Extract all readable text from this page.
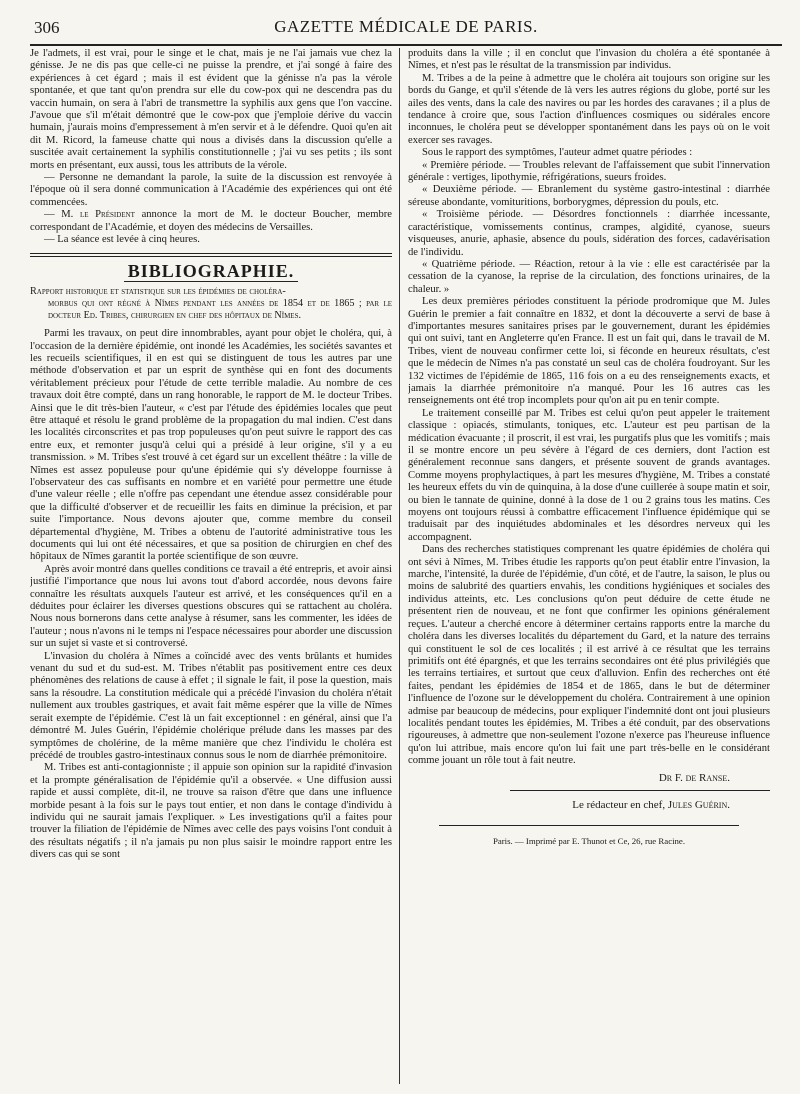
306	GAZETTE MÉDICALE DE PARIS.

Je l'admets, il est vrai, pour le singe et le chat, mais je ne l'ai jamais vue chez la génisse. Je ne dis pas que celle-ci ne puisse la prendre, et j'ai songé à faire des expériences à cet égard ; mais il est évident que la génisse n'a pas la vérole spontanée, et que tant qu'on prendra sur elle du cow-pox qui ne descendra pas du vaccin humain, on sera à l'abri de transmettre la syphilis aux gens que l'on vaccine. J'avoue que s'il m'était démontré que le cow-pox que j'emploie dérive du vaccin humain, j'aurais moins d'empressement à m'en servir et à le défendre. Quoi qu'en ait dit M. Ricord, la fameuse chatte qui nous a divisés dans la discussion qu'elle a suscitée avait certainement la syphilis constitutionnelle ; j'ai vu ses petits ; ils sont morts en présentant, eux aussi, tous les attributs de la vérole.

— Personne ne demandant la parole, la suite de la discussion est renvoyée à l'époque où il sera donné communication à l'Académie des expériences qui ont été commencées.

— M. le Président annonce la mort de M. le docteur Boucher, membre correspondant de l'Académie, et doyen des médecins de Versailles.

— La séance est levée à cinq heures.

BIBLIOGRAPHIE.

Rapport historique et statistique sur les épidémies de choléra-
morbus qui ont régné à Nîmes pendant les années de 1854 et de 1865 ; par le docteur Ed. Tribes, chirurgien en chef des hôpitaux de Nîmes.

Parmi les travaux, on peut dire innombrables, ayant pour objet le choléra, qui, à l'occasion de la dernière épidémie, ont inondé les Académies, les sociétés savantes et les recueils scientifiques, il en est qui se distinguent de tous les autres par une méthode d'observation et par un esprit de synthèse qui en font des documents véritablement précieux pour l'étude de cette terrible maladie. Au nombre de ces travaux doit être compté, dans un rang honorable, le rapport de M. le docteur Tribes. Ainsi que le dit très-bien l'auteur, « c'est par l'étude des épidémies locales que peut être attaqué et résolu le grand problème de la propagation du mal indien. C'est dans les localités circonscrites et pas trop populeuses qu'on peut suivre le rapport des cas entre eux, et remonter jusqu'à celui qui a présidé à leur origine, s'il y a eu transmission. » M. Tribes s'est trouvé à cet égard sur un excellent théâtre : la ville de Nîmes est assez populeuse pour qu'une épidémie qui s'y développe fournisse à l'observateur des cas suffisants en nombre et en variété pour permettre une étude d'une valeur réelle ; elle n'offre pas cependant une étendue assez considérable pour que la difficulté d'observer et de recueillir les faits en diminue la précision, et par suite l'importance. Nous devons ajouter que, comme membre du conseil départemental d'hygiène, M. Tribes a obtenu de l'autorité administrative tous les documents qui lui ont été nécessaires, et que sa position de chirurgien en chef des hôpitaux de Nîmes garantit la portée scientifique de son œuvre.

Après avoir montré dans quelles conditions ce travail a été entrepris, et avoir ainsi justifié l'importance que nous lui avons tout d'abord accordée, nous devons faire connaître les résultats auxquels l'auteur est arrivé, et les conséquences qu'il en a déduites pour éclairer les diverses questions obscures qui se rattachent au choléra. Nous nous bornerons dans cette analyse à résumer, sans les commenter, les idées de l'auteur ; nous n'avons ni le temps ni l'espace nécessaires pour aborder une discussion sur un sujet si vaste et si controversé.

L'invasion du choléra à Nîmes a coïncidé avec des vents brûlants et humides venant du sud et du sud-est. M. Tribes n'établit pas positivement entre ces deux phénomènes des relations de cause à effet ; il signale le fait, il pose la question, mais sans la résoudre. La constitution médicale qui a précédé l'invasion du choléra n'était nullement aux troubles gastriques, et avait fait même espérer que la ville de Nîmes serait exempte de l'épidémie. C'est là un fait exceptionnel : en général, ainsi que l'a démontré M. Jules Guérin, l'épidémie cholérique prélude dans les masses par des symptômes de cholérine, de la même manière que chez l'individu le choléra est précédé de troubles gastro-intestinaux connus sous le nom de diarrhée prémonitoire.

M. Tribes est anti-contagionniste ; il appuie son opinion sur la rapidité d'invasion et la prompte généralisation de l'épidémie qu'il a observée. « Une diffusion aussi rapide et aussi complète, dit-il, ne trouve sa raison d'être que dans une influence morbide pesant à la fois sur le pays tout entier, et non dans le contage d'individu à individu qui ne saurait jamais l'expliquer. » Les investigations qu'il a faites pour trouver la filiation de l'épidémie de Nîmes avec celle des pays voisins l'ont conduit à des résultats négatifs ; il n'a jamais pu non plus saisir le moindre rapport entre les divers cas qui se sont

produits dans la ville ; il en conclut que l'invasion du choléra a été spontanée à Nîmes, et n'est pas le résultat de la transmission par individus.

M. Tribes a de la peine à admettre que le choléra ait toujours son origine sur les bords du Gange, et qu'il s'étende de là vers les autres régions du globe, porté sur les ailes des vents, dans la cale des navires ou par les hordes des caravanes ; il a plus de tendance à croire que, sous l'action d'influences cosmiques ou sidérales encore inconnues, le choléra peut se développer spontanément dans les pays où on le voit exercer ses ravages.

Sous le rapport des symptômes, l'auteur admet quatre périodes :

« Première période. — Troubles relevant de l'affaissement que subit l'innervation générale : vertiges, lipothymie, réfrigérations, sueurs froides.

« Deuxième période. — Ebranlement du système gastro-intestinal : diarrhée séreuse abondante, vomituritions, borborygmes, dépression du pouls, etc.

« Troisième période. — Désordres fonctionnels : diarrhée incessante, caractéristique, vomissements continus, crampes, algidité, cyanose, sueurs visqueuses, anurie, aphasie, absence du pouls, sidération des forces, cadavérisation de l'individu.

« Quatrième période. — Réaction, retour à la vie : elle est caractérisée par la cessation de la cyanose, la reprise de la circulation, des fonctions urinaires, de la chaleur. »

Les deux premières périodes constituent la période prodromique que M. Jules Guérin le premier a fait connaître en 1832, et dont la découverte a servi de base à d'importantes mesures sanitaires prises par le gouvernement, durant les épidémies qui ont suivi, tant en Angleterre qu'en France. Il est un fait qui, dans le travail de M. Tribes, vient de nouveau confirmer cette loi, si féconde en heureux résultats, c'est que le médecin de Nîmes n'a pas constaté un seul cas de choléra foudroyant. Sur les 132 victimes de l'épidémie de 1865, 116 fois on a eu des renseignements exacts, et jamais la diarrhée prémonitoire n'a manqué. Pour les 16 autres cas les renseignements ont été trop incomplets pour qu'on ait pu en tenir compte.

Le traitement conseillé par M. Tribes est celui qu'on peut appeler le traitement classique : opiacés, stimulants, toniques, etc. L'auteur est peu partisan de la médication évacuante ; il proscrit, il est vrai, les purgatifs plus que les vomitifs ; mais il se montre encore un peu sévère à l'égard de ces derniers, dont l'action est généralement reconnue sans dangers, et présente souvent de grands avantages. Comme moyens prophylactiques, à part les mesures d'hygiène, M. Tribes a constaté les heureux effets du vin de quinquina, à la dose d'une cuillerée à soupe matin et soir, ou bien le tannate de quinine, donné à la dose de 1 ou 2 grains tous les matins. Ces moyens ont toujours réussi à combattre efficacement l'influence épidémique qui se traduisait par des inquiétudes abdominales et les désordres nerveux qui les accompagnent.

Dans des recherches statistiques comprenant les quatre épidémies de choléra qui ont sévi à Nîmes, M. Tribes étudie les rapports qu'on peut établir entre l'invasion, la marche, l'intensité, la durée de l'épidémie, d'un côté, et de l'autre, la saison, le plus ou moins de salubrité des quartiers envahis, les conditions hygiéniques et sociales des individus atteints, etc. Les conclusions qu'on peut déduire de cette étude ne présentent rien de nouveau, et ne font que confirmer les opinions généralement reçues. L'auteur a cherché encore à déterminer certains rapports entre la marche du choléra dans les diverses localités du département du Gard, et la nature des terrains qui constituent le sol de ces localités ; il est arrivé à ce résultat que les terrains primitifs ont été épargnés, et que les terrains secondaires ont été plus privilégiés que les terrains tertiaires, et surtout que ceux d'alluvion. Enfin des recherches ont été faites, pendant les épidémies de 1854 et de 1865, dans le but de déterminer l'influence de l'ozone sur le développement du choléra. Contrairement à une opinion admise par beaucoup de médecins, pour expliquer l'indemnité dont ont joui plusieurs localités pendant toutes les épidémies, M. Tribes a été conduit, par des observations rigoureuses, à admettre que non-seulement l'ozone n'exerce pas l'heureuse influence qu'on lui attribue, mais encore qu'on lui fait une part très-belle en le considérant comme jouant un rôle tout à fait neutre.

Dr F. de Ranse.
Le rédacteur en chef, Jules Guérin.
Paris. — Imprimé par E. Thunot et Ce, 26, rue Racine.
